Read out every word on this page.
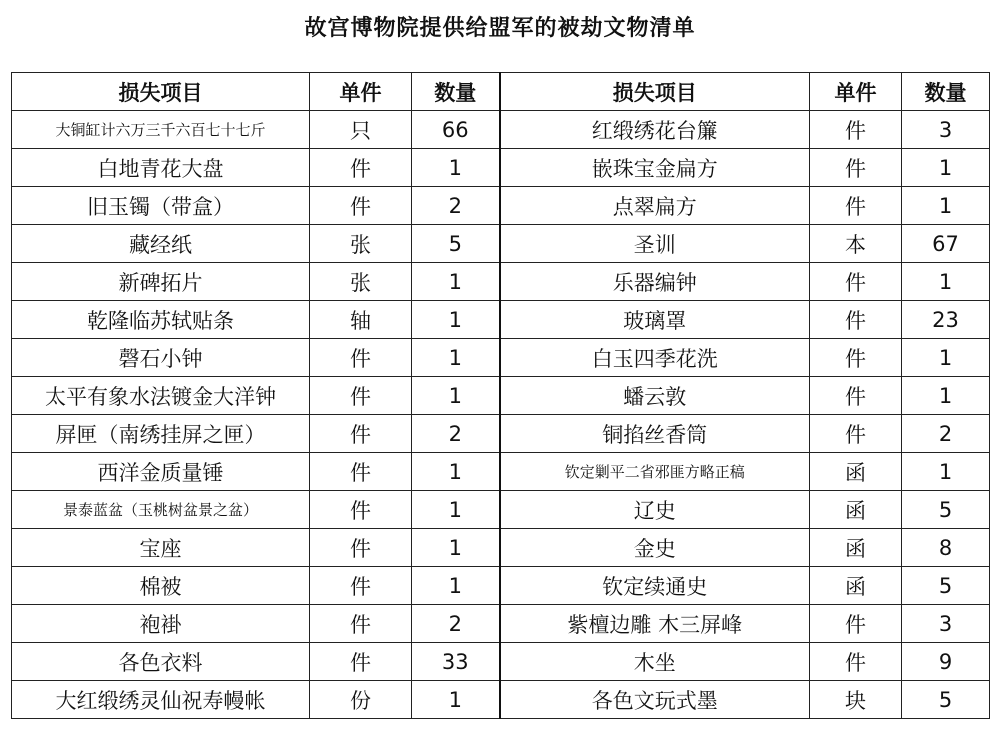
故宫博物院提供给盟军的被劫文物清单
损失项目	单件	数量	损失项目	单件	数量
大铜缸计六万三千六百七十七斤	只	66	红缎绣花台簾	件	3
白地青花大盘	件	1	嵌珠宝金扁方	件	1
旧玉镯（带盒）	件	2	点翠扁方	件	1
藏经纸	张	5	圣训	本	67
新碑拓片	张	1	乐器编钟	件	1
乾隆临苏轼贴条	轴	1	玻璃罩	件	23
磬石小钟	件	1	白玉四季花洗	件	1
太平有象水法镀金大洋钟	件	1	蟠云敦	件	1
屏匣（南绣挂屏之匣）	件	2	铜掐丝香筒	件	2
西洋金质量锤	件	1	钦定剿平二省邪匪方略正稿	函	1
景泰蓝盆（玉桃树盆景之盆）	件	1	辽史	函	5
宝座	件	1	金史	函	8
棉被	件	1	钦定续通史	函	5
袍褂	件	2	紫檀边雕 木三屏峰	件	3
各色衣料	件	33	木坐	件	9
大红缎绣灵仙祝寿幔帐	份	1	各色文玩式墨	块	5
